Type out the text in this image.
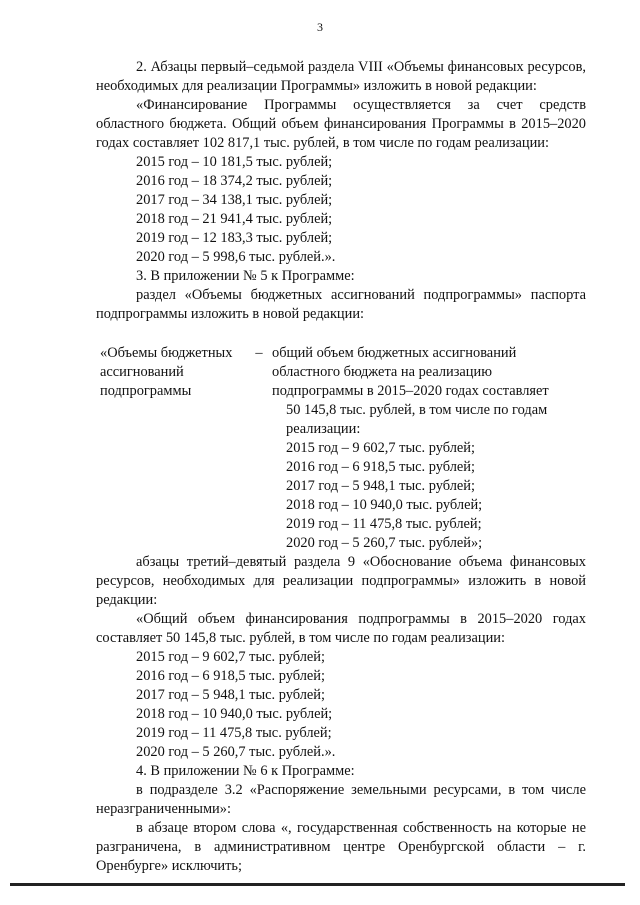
3

2. Абзацы первый–седьмой раздела VIII «Объемы финансовых ресурсов, необходимых для реализации Программы» изложить в новой редакции:

«Финансирование Программы осуществляется за счет средств областного бюджета. Общий объем финансирования Программы в 2015–2020 годах составляет 102 817,1 тыс. рублей, в том числе по годам реализации:

2015 год – 10 181,5 тыс. рублей;

2016 год – 18 374,2 тыс. рублей;

2017 год – 34 138,1 тыс. рублей;

2018 год – 21 941,4 тыс. рублей;

2019 год – 12 183,3 тыс. рублей;

2020 год – 5 998,6 тыс. рублей.».

3. В приложении № 5 к Программе:

раздел «Объемы бюджетных ассигнований подпрограммы» паспорта подпрограммы изложить в новой редакции:

«Объемы бюджетных

ассигнований

подпрограммы

– общий объем бюджетных ассигнований

областного бюджета на реализацию

подпрограммы в 2015–2020 годах составляет

50 145,8 тыс. рублей, в том числе по годам

реализации:

2015 год – 9 602,7 тыс. рублей;

2016 год – 6 918,5 тыс. рублей;

2017 год – 5 948,1 тыс. рублей;

2018 год – 10 940,0 тыс. рублей;

2019 год – 11 475,8 тыс. рублей;

2020 год – 5 260,7 тыс. рублей»;

абзацы третий–девятый раздела 9 «Обоснование объема финансовых ресурсов, необходимых для реализации подпрограммы» изложить в новой редакции:

«Общий объем финансирования подпрограммы в 2015–2020 годах составляет 50 145,8 тыс. рублей, в том числе по годам реализации:

2015 год – 9 602,7 тыс. рублей;

2016 год – 6 918,5 тыс. рублей;

2017 год – 5 948,1 тыс. рублей;

2018 год – 10 940,0 тыс. рублей;

2019 год – 11 475,8 тыс. рублей;

2020 год – 5 260,7 тыс. рублей.».

4. В приложении № 6 к Программе:

в подразделе 3.2 «Распоряжение земельными ресурсами, в том числе неразграниченными»:

в абзаце втором слова «, государственная собственность на которые не разграничена, в административном центре Оренбургской области – г. Оренбурге» исключить;
